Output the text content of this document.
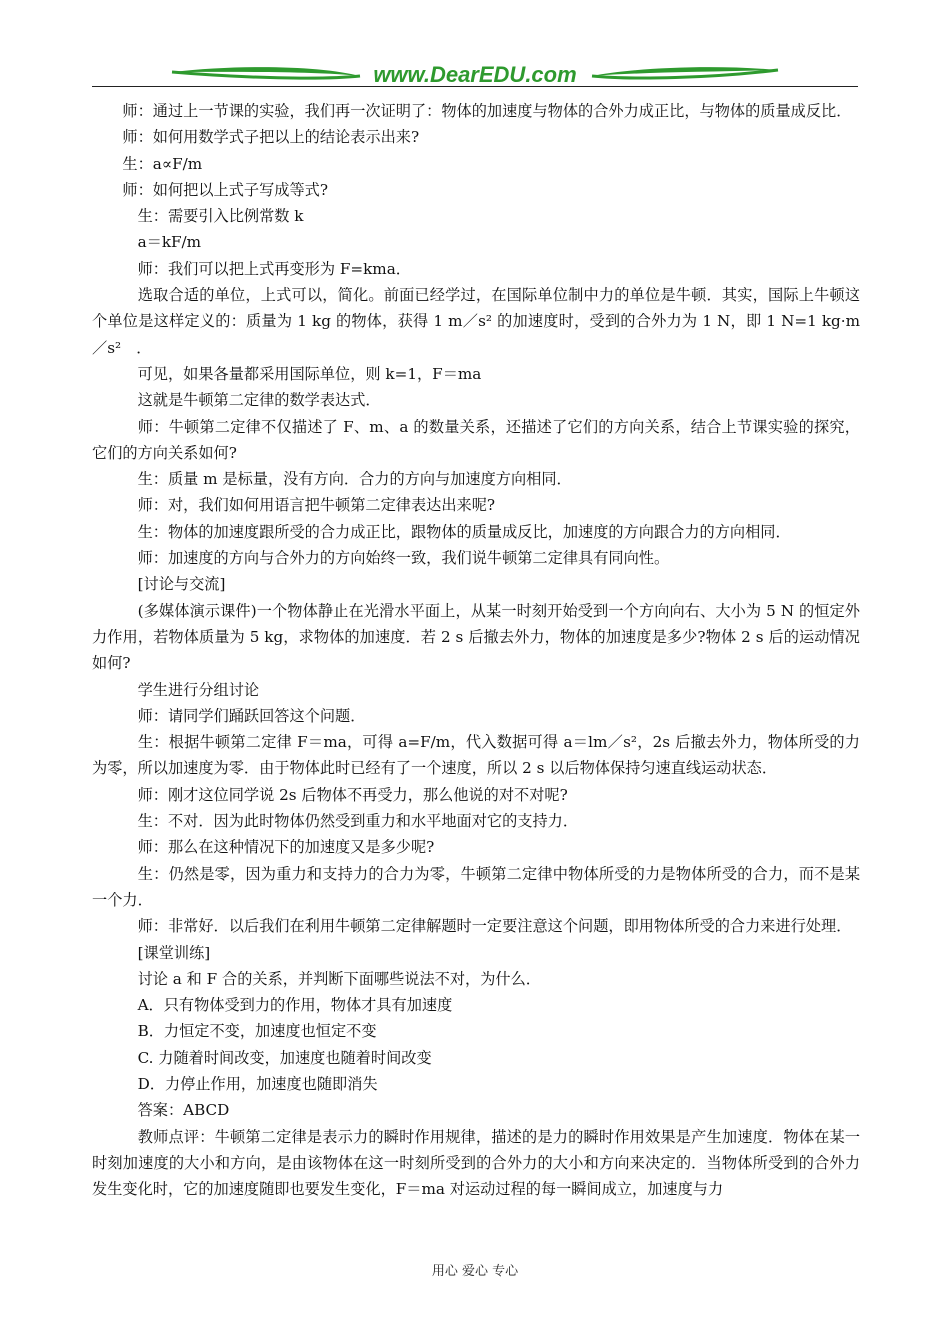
www.DearEDU.com

师：通过上一节课的实验，我们再一次证明了：物体的加速度与物体的合外力成正比，与物体的质量成反比．

师：如何用数学式子把以上的结论表示出来?

生：a∝F/m

师：如何把以上式子写成等式?

　生：需要引入比例常数 k

　a＝kF/m

　师：我们可以把上式再变形为 F=kma．

　选取合适的单位，上式可以，简化。前面已经学过，在国际单位制中力的单位是牛顿．其实，国际上牛顿这个单位是这样定义的：质量为 1 kg 的物体，获得 1 m／s² 的加速度时，受到的合外力为 1 N，即 1 N=1 kg·m／s²　．

　可见，如果各量都采用国际单位，则 k=1，F＝ma

　这就是牛顿第二定律的数学表达式．

　师：牛顿第二定律不仅描述了 F、m、a 的数量关系，还描述了它们的方向关系，结合上节课实验的探究，它们的方向关系如何?

　生：质量 m 是标量，没有方向．合力的方向与加速度方向相同．

　师：对，我们如何用语言把牛顿第二定律表达出来呢?

　生：物体的加速度跟所受的合力成正比，跟物体的质量成反比，加速度的方向跟合力的方向相同．

　师：加速度的方向与合外力的方向始终一致，我们说牛顿第二定律具有同向性。

　[讨论与交流]

　(多媒体演示课件)一个物体静止在光滑水平面上，从某一时刻开始受到一个方向向右、大小为 5 N 的恒定外力作用，若物体质量为 5 kg，求物体的加速度．若 2 s 后撤去外力，物体的加速度是多少?物体 2 s 后的运动情况如何?

　学生进行分组讨论

　师：请同学们踊跃回答这个问题．

　生：根据牛顿第二定律 F＝ma，可得 a=F/m，代入数据可得 a＝lm／s²，2s 后撤去外力，物体所受的力为零，所以加速度为零．由于物体此时已经有了一个速度，所以 2 s 以后物体保持匀速直线运动状态．

　师：刚才这位同学说 2s 后物体不再受力，那么他说的对不对呢?

　生：不对．因为此时物体仍然受到重力和水平地面对它的支持力．

　师：那么在这种情况下的加速度又是多少呢?

　生：仍然是零，因为重力和支持力的合力为零，牛顿第二定律中物体所受的力是物体所受的合力，而不是某一个力．

　师：非常好．以后我们在利用牛顿第二定律解题时一定要注意这个问题，即用物体所受的合力来进行处理．

　[课堂训练]

　讨论 a 和 F 合的关系，并判断下面哪些说法不对，为什么．

　A．只有物体受到力的作用，物体才具有加速度

　B．力恒定不变，加速度也恒定不变

　C. 力随着时间改变，加速度也随着时间改变

　D．力停止作用，加速度也随即消失

　答案：ABCD

　教师点评：牛顿第二定律是表示力的瞬时作用规律，描述的是力的瞬时作用效果是产生加速度．物体在某一时刻加速度的大小和方向，是由该物体在这一时刻所受到的合外力的大小和方向来决定的．当物体所受到的合外力发生变化时，它的加速度随即也要发生变化，F＝ma 对运动过程的每一瞬间成立，加速度与力

用心 爱心 专心
